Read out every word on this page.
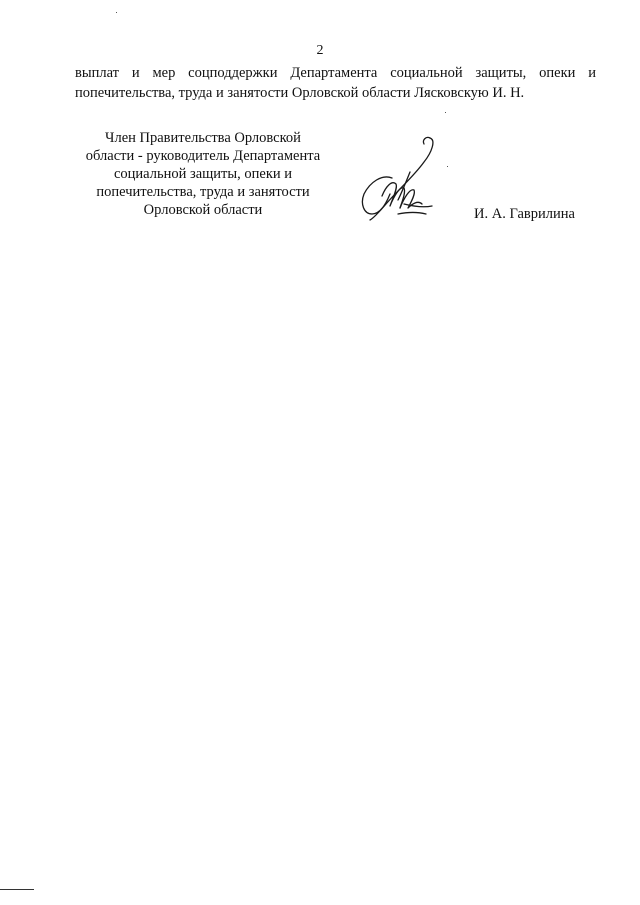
2
выплат и мер соцподдержки Департамента социальной защиты, опеки и
попечительства, труда и занятости Орловской области Лясковскую И. Н.
Член Правительства Орловской
области - руководитель Департамента
социальной защиты, опеки и
попечительства, труда и занятости
Орловской области	И. А. Гаврилина
